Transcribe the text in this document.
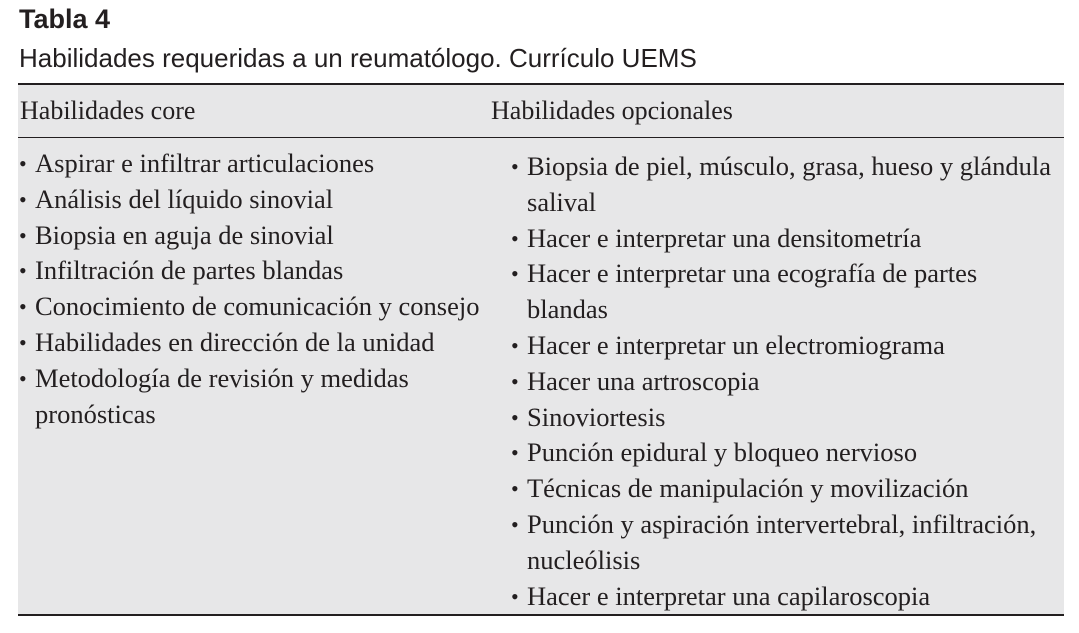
Tabla 4

Habilidades requeridas a un reumatólogo. Currículo UEMS

Habilidades core	Habilidades opcionales

• Aspirar e infiltrar articulaciones
• Análisis del líquido sinovial
• Biopsia en aguja de sinovial
• Infiltración de partes blandas
• Conocimiento de comunicación y consejo
• Habilidades en dirección de la unidad
• Metodología de revisión y medidas pronósticas
• Biopsia de piel, músculo, grasa, hueso y glándula salival
• Hacer e interpretar una densitometría
• Hacer e interpretar una ecografía de partes blandas
• Hacer e interpretar un electromiograma
• Hacer una artroscopia
• Sinoviortesis
• Punción epidural y bloqueo nervioso
• Técnicas de manipulación y movilización
• Punción y aspiración intervertebral, infiltración, nucleólisis
• Hacer e interpretar una capilaroscopia
